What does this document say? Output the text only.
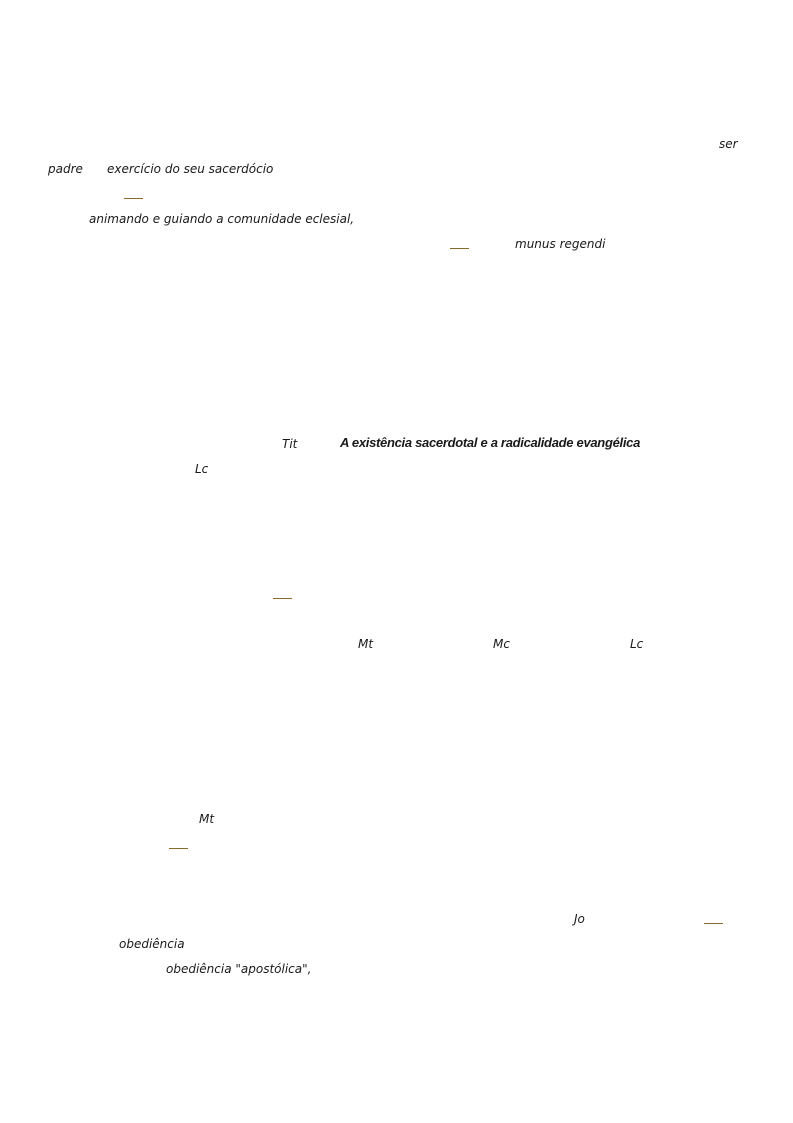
ser
padre exercício do seu sacerdócio
animando e guiando a comunidade eclesial,
munus regendi
Tit	A existência sacerdotal e a radicalidade evangélica
Lc
Mt	Mc	Lc
Mt
Jo
obediência
obediência "apostólica",
